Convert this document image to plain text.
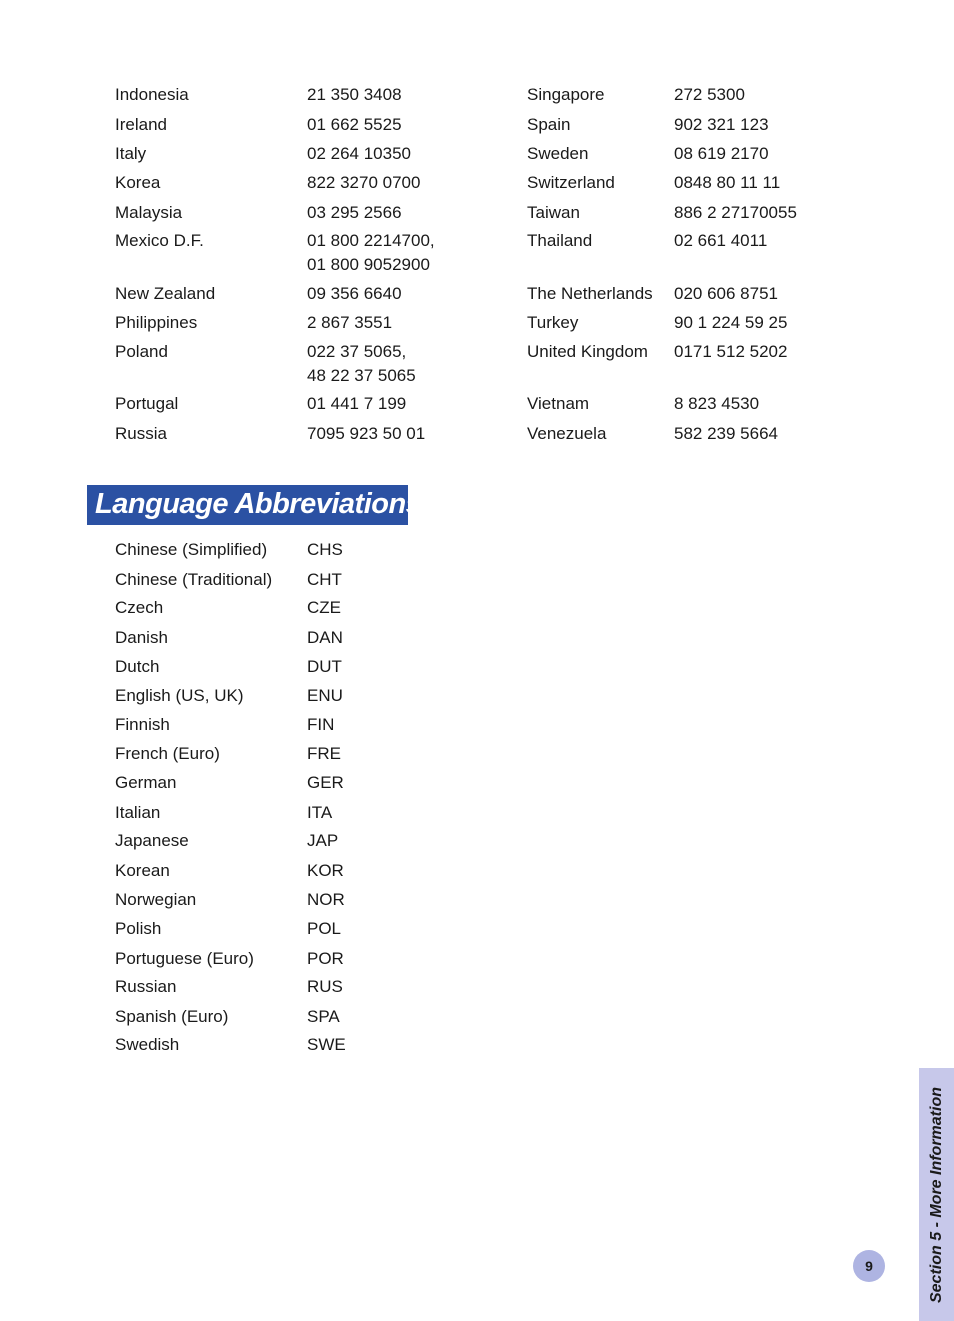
Indonesia	21 350 3408
Ireland	01 662 5525
Italy	02 264 10350
Korea	822 3270 0700
Malaysia	03 295 2566
Mexico D.F.	01 800 2214700,
01 800 9052900
New Zealand	09 356 6640
Philippines	2 867 3551
Poland	022 37 5065,
48 22 37 5065
Portugal	01 441 7 199
Russia	7095 923 50 01
Singapore	272 5300
Spain	902 321 123
Sweden	08 619 2170
Switzerland	0848 80 11 11
Taiwan	886 2 27170055
Thailand	02 661 4011
The Netherlands 020 606 8751
Turkey	90 1 224 59 25
United Kingdom 0171 512 5202
Vietnam	8 823 4530
Venezuela	582 239 5664
Language Abbreviations
Chinese (Simplified) CHS
Chinese (Traditional) CHT
Czech	CZE
Danish	DAN
Dutch	DUT
English (US, UK)	ENU
Finnish	FIN
French (Euro)	FRE
German	GER
Italian	ITA
Japanese	JAP
Korean	KOR
Norwegian	NOR
Polish	POL
Portuguese (Euro)	POR
Russian	RUS
Spanish (Euro)	SPA
Swedish	SWE
Section 5 - More Information
9
